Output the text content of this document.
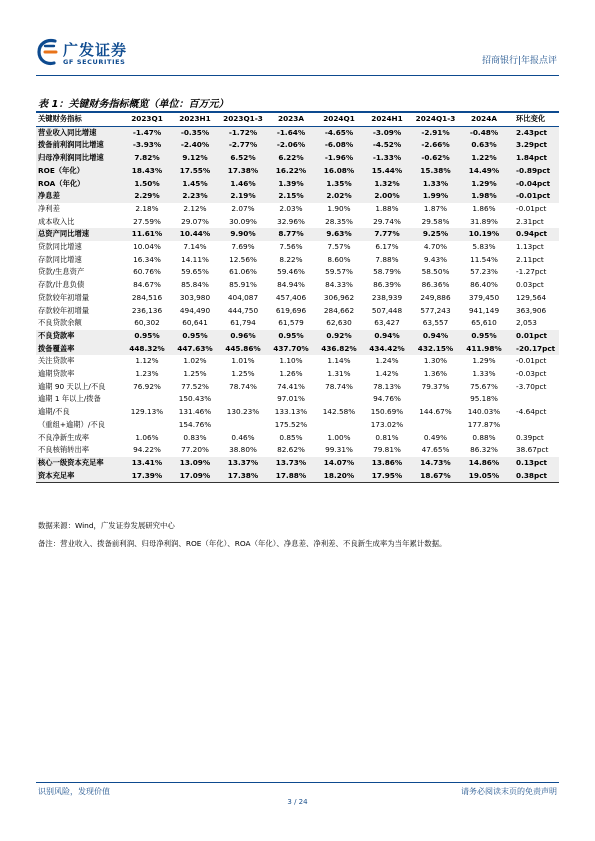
广发证券
GF SECURITIES	招商银行|年报点评
表 1：关键财务指标概览（单位：百万元）
关键财务指标	2023Q1	2023H1	2023Q1-3	2023A	2024Q1	2024H1	2024Q1-3	2024A	环比变化
营业收入同比增速	-1.47%	-0.35%	-1.72%	-1.64%	-4.65%	-3.09%	-2.91%	-0.48%	2.43pct
拨备前利润同比增速	-3.93%	-2.40%	-2.77%	-2.06%	-6.08%	-4.52%	-2.66%	0.63%	3.29pct
归母净利润同比增速	7.82%	9.12%	6.52%	6.22%	-1.96%	-1.33%	-0.62%	1.22%	1.84pct
ROE（年化）	18.43%	17.55%	17.38%	16.22%	16.08%	15.44%	15.38%	14.49%	-0.89pct
ROA（年化）	1.50%	1.45%	1.46%	1.39%	1.35%	1.32%	1.33%	1.29%	-0.04pct
净息差	2.29%	2.23%	2.19%	2.15%	2.02%	2.00%	1.99%	1.98%	-0.01pct
净利差	2.18%	2.12%	2.07%	2.03%	1.90%	1.88%	1.87%	1.86%	-0.01pct
成本收入比	27.59%	29.07%	30.09%	32.96%	28.35%	29.74%	29.58%	31.89%	2.31pct
总资产同比增速	11.61%	10.44%	9.90%	8.77%	9.63%	7.77%	9.25%	10.19%	0.94pct
贷款同比增速	10.04%	7.14%	7.69%	7.56%	7.57%	6.17%	4.70%	5.83%	1.13pct
存款同比增速	16.34%	14.11%	12.56%	8.22%	8.60%	7.88%	9.43%	11.54%	2.11pct
贷款/生息资产	60.76%	59.65%	61.06%	59.46%	59.57%	58.79%	58.50%	57.23%	-1.27pct
存款/计息负债	84.67%	85.84%	85.91%	84.94%	84.33%	86.39%	86.36%	86.40%	0.03pct
贷款较年初增量	284,516	303,980	404,087	457,406	306,962	238,939	249,886	379,450	129,564
存款较年初增量	236,136	494,490	444,750	619,696	284,662	507,448	577,243	941,149	363,906
不良贷款余额	60,302	60,641	61,794	61,579	62,630	63,427	63,557	65,610	2,053
不良贷款率	0.95%	0.95%	0.96%	0.95%	0.92%	0.94%	0.94%	0.95%	0.01pct
拨备覆盖率	448.32%	447.63%	445.86%	437.70%	436.82%	434.42%	432.15%	411.98%	-20.17pct
关注贷款率	1.12%	1.02%	1.01%	1.10%	1.14%	1.24%	1.30%	1.29%	-0.01pct
逾期贷款率	1.23%	1.25%	1.25%	1.26%	1.31%	1.42%	1.36%	1.33%	-0.03pct
逾期 90 天以上/不良	76.92%	77.52%	78.74%	74.41%	78.74%	78.13%	79.37%	75.67%	-3.70pct
逾期 1 年以上/拨备		150.43%		97.01%		94.76%		95.18%	
逾期/不良	129.13%	131.46%	130.23%	133.13%	142.58%	150.69%	144.67%	140.03%	-4.64pct
（重组+逾期）/不良		154.76%		175.52%		173.02%		177.87%	
不良净新生成率	1.06%	0.83%	0.46%	0.85%	1.00%	0.81%	0.49%	0.88%	0.39pct
不良核销转出率	94.22%	77.20%	38.80%	82.62%	99.31%	79.81%	47.65%	86.32%	38.67pct
核心一级资本充足率	13.41%	13.09%	13.37%	13.73%	14.07%	13.86%	14.73%	14.86%	0.13pct
资本充足率	17.39%	17.09%	17.38%	17.88%	18.20%	17.95%	18.67%	19.05%	0.38pct
数据来源：Wind，广发证券发展研究中心
备注：营业收入、拨备前利润、归母净利润、ROE（年化）、ROA（年化）、净息差、净利差、不良新生成率为当年累计数据。
识别风险，发现价值	请务必阅读末页的免责声明
3 / 24
